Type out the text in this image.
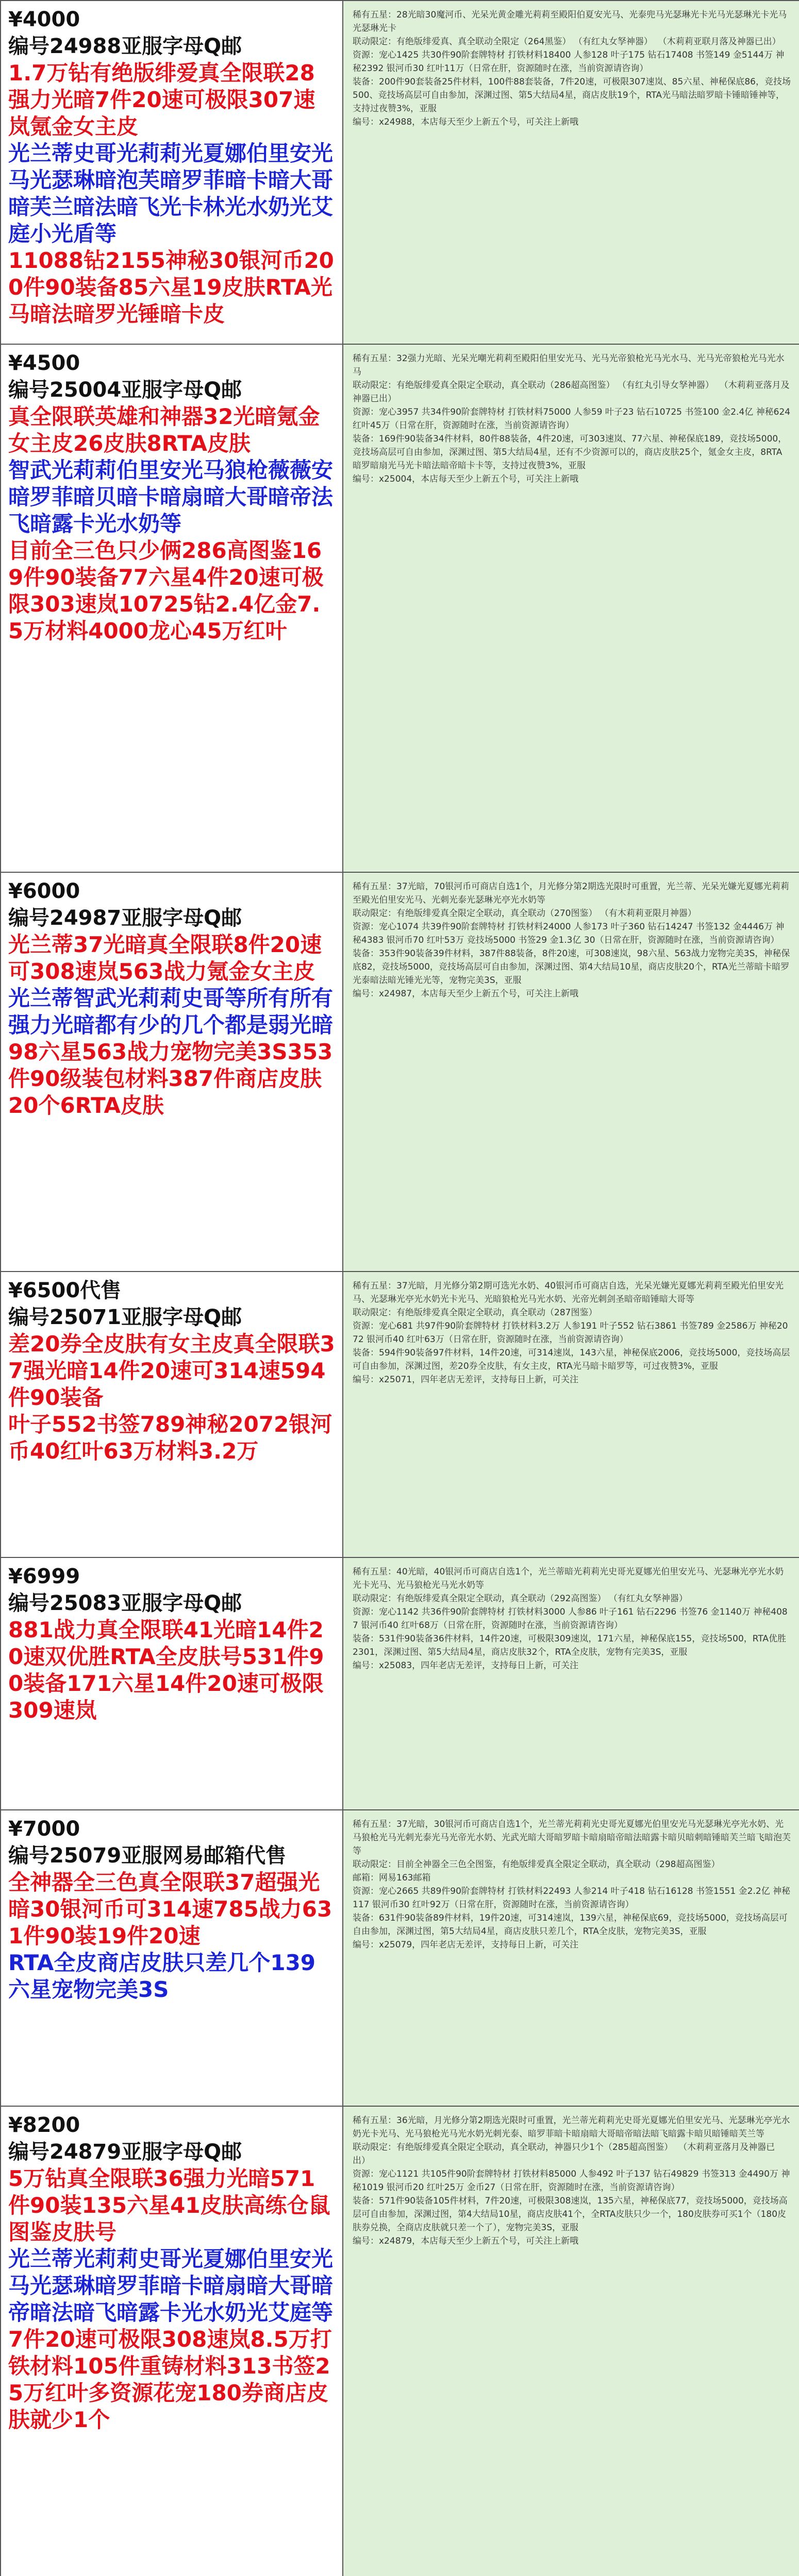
¥4000

编号24988亚服字母Q邮

1.7万钻有绝版绯爱真全限联28强力光暗7件20速可极限307速岚氪金女主皮

光兰蒂史哥光莉莉光夏娜伯里安光马光瑟琳暗泡芙暗罗菲暗卡暗大哥暗芙兰暗法暗飞光卡林光水奶光艾庭小光盾等

11088钻2155神秘30银河币200件90装备85六星19皮肤RTA光马暗法暗罗光锤暗卡皮

稀有五星：28光暗30魔河币、光呆光黄金雕光莉莉至殿阳伯夏安光马、光泰兜马光瑟琳光卡光马光瑟琳光卡光马光瑟琳光卡
联动限定：有绝版绯爱真、真全联动全限定（264黑鉴） （有红丸女孥神器）  （木莉莉亚联月落及神器已出）
资源：宠心1425 共30件90阶套牌特材 打铁材料18400 人参128 叶子175 钻石17408 书签149 金5144万 神秘2392 银河币30 红叶11万（日常在肝，资源随时在涨，当前资源请咨询）
装备：200件90套装备25件材料，100件88套装备，7件20速，可极限307速岚、85六星、神秘保底86，竞技场500、竞技场高层可自由参加，深渊过图、第5大结局4星，商店皮肤19个，RTA光马暗法暗罗暗卡锤暗锤神等，支持过夜赞3%，亚服
编号：x24988，本店每天至少上新五个号，可关注上新哦

¥4500

编号25004亚服字母Q邮

真全限联英雄和神器32光暗氪金女主皮26皮肤8RTA皮肤

智武光莉莉伯里安光马狼枪薇薇安暗罗菲暗贝暗卡暗扇暗大哥暗帝法飞暗露卡光水奶等

目前全三色只少俩286高图鉴169件90装备77六星4件20速可极限303速岚10725钻2.4亿金7.5万材料4000龙心45万红叶

稀有五星：32强力光暗、光呆光嘲光莉莉至殿阳伯里安光马、光马光帝狼枪光马光水马、光马光帝狼枪光马光水马
联动限定：有绝版绯爱真全限定全联动，真全联动（286超高图鉴） （有红丸引导女孥神器）  （木莉莉亚落月及神器已出）
资源：宠心3957 共34件90阶套牌特材 打铁材料75000 人参59 叶子23 钻石10725 书签100 金2.4亿 神秘624 红叶45万（日常在肝，资源随时在涨，当前资源请咨询）
装备：169件90装备34件材料，80件88装备，4件20速，可303速岚、77六星、神秘保底189，竞技场5000，竞技场高层可自由参加，深渊过图、第5大结局4星，还有不少资源可以的，商店皮肤25个，氪金女主皮，8RTA暗罗暗扇光马光卡暗法暗帝暗卡卡等，支持过夜赞3%，亚服
编号：x25004，本店每天至少上新五个号，可关注上新哦

¥6000

编号24987亚服字母Q邮

光兰蒂37光暗真全限联8件20速可308速岚563战力氪金女主皮

光兰蒂智武光莉莉史哥等所有所有强力光暗都有少的几个都是弱光暗

98六星563战力宠物完美3S353件90级装包材料387件商店皮肤20个6RTA皮肤

稀有五星：37光暗，70银河币可商店自选1个，月光修分第2期选光限时可重置，光兰蒂、光呆光嫌光夏娜光莉莉至殿光伯里安光马、光刺光泰光瑟琳光亭光水奶等
联动限定：有绝版绯爱真全限定全联动，真全联动（270图鉴） （有木莉莉亚限月神器）
资源：宠心1074 共39件90阶套牌特材 打铁材料24000 人参173 叶子360 钻石14247 书签132 金4446万 神秘4383 银河币70 红叶53万 竞技场5000 书签29 金1.3亿 30（日常在肝，资源随时在涨，当前资源请咨询）
装备：353件90装备39件材料，387件88装备，8件20速，可308速岚，98六星、563战力宠物完美3S，神秘保底82，竞技场5000，竞技场高层可自由参加，深渊过图、第4大结局10星，商店皮肤20个，RTA光兰蒂暗卡暗罗光泰暗法暗光锤光光等，宠物完美3S，亚服
编号：x24987，本店每天至少上新五个号，可关注上新哦

¥6500代售

编号25071亚服字母Q邮

差20券全皮肤有女主皮真全限联37强光暗14件20速可314速594件90装备

叶子552书签789神秘2072银河币40红叶63万材料3.2万

稀有五星：37光暗，月光修分第2期可选光水奶、40银河币可商店自选，光呆光嫌光夏娜光莉莉至殿光伯里安光马、光瑟琳光亭光水奶光卡光马、光暗狼枪光马光水奶、光帝光刺剑圣暗帝暗锤暗大哥等
联动限定：有绝版绯爱真全限定全联动，真全联动（287图鉴）
资源：宠心681 共97件90阶套牌特材 打铁材料3.2万 人参191 叶子552 钻石3861 书签789 金2586万 神秘2072 银河币40 红叶63万（日常在肝，资源随时在涨，当前资源请咨询）
装备：594件90装备97件材料，14件20速，可314速岚，143六星，神秘保底2006，竞技场5000，竞技场高层可自由参加，深渊过图，差20券全皮肤，有女主皮，RTA光马暗卡暗罗等，可过夜赞3%，亚服
编号：x25071，四年老店无差评，支持每日上新，可关注

¥6999

编号25083亚服字母Q邮

881战力真全限联41光暗14件20速双优胜RTA全皮肤号531件90装备171六星14件20速可极限309速岚

稀有五星：40光暗，40银河币可商店自选1个，光兰蒂暗光莉莉光史哥光夏娜光伯里安光马、光瑟琳光亭光水奶光卡光马、光马狼枪光马光水奶等
联动限定：有绝版绯爱真全限定全联动，真全联动（292高图鉴） （有红丸女孥神器）
资源：宠心1142 共36件90阶套牌特材 打铁材料3000 人参86 叶子161 钻石2296 书签76 金1140万 神秘4087 银河币40 红叶68万（日常在肝，资源随时在涨，当前资源请咨询）
装备：531件90装备36件材料，14件20速，可极限309速岚，171六星，神秘保底155，竞技场500，RTA优胜2301，深渊过图、第5大结局4星，商店皮肤32个，RTA全皮肤，宠物有完美3S，亚服
编号：x25083，四年老店无差评，支持每日上新，可关注

¥7000

编号25079亚服网易邮箱代售

全神器全三色真全限联37超强光暗30银河币可314速785战力631件90装19件20速

RTA全皮商店皮肤只差几个139六星宠物完美3S

稀有五星：37光暗，30银河币可商店自选1个，光兰蒂光莉莉光史哥光夏娜光伯里安光马光瑟琳光亭光水奶、光马狼枪光马光刺光泰光马光帝光水奶、光武光暗大哥暗罗暗卡暗扇暗帝暗法暗露卡暗贝暗刺暗锤暗芙兰暗飞暗泡芙等
联动限定：目前全神器全三色全图鉴，有绝版绯爱真全限定全联动，真全联动（298超高图鉴）
邮箱：网易163邮箱
资源：宠心2665 共89件90阶套牌特材 打铁材料22493 人参214 叶子418 钻石16128 书签1551 金2.2亿 神秘117 银河币30 红叶92万（日常在肝，资源随时在涨，当前资源请咨询）
装备：631件90装备89件材料，19件20速，可314速岚，139六星，神秘保底69，竞技场5000，竞技场高层可自由参加，深渊过图，第5大结局4星，商店皮肤只差几个，RTA全皮肤，宠物完美3S，亚服
编号：x25079，四年老店无差评，支持每日上新，可关注

¥8200

编号24879亚服字母Q邮

5万钻真全限联36强力光暗571件90装135六星41皮肤高练仓鼠图鉴皮肤号

光兰蒂光莉莉史哥光夏娜伯里安光马光瑟琳暗罗菲暗卡暗扇暗大哥暗帝暗法暗飞暗露卡光水奶光艾庭等

7件20速可极限308速岚8.5万打铁材料105件重铸材料313书签25万红叶多资源花宠180券商店皮肤就少1个

稀有五星：36光暗，月光修分第2期选光限时可重置，光兰蒂光莉莉光史哥光夏娜光伯里安光马、光瑟琳光亭光水奶光卡光马、光马狼枪光马光水奶光刺光泰、暗罗菲暗卡暗扇暗大哥暗帝暗法暗飞暗露卡暗贝暗锤暗芙兰等
联动限定：有绝版绯爱真全限定全联动，真全联动，神器只少1个（285超高图鉴）  （木莉莉亚落月及神器已出）
资源：宠心1121 共105件90阶套牌特材 打铁材料85000 人参492 叶子137 钻石49829 书签313 金4490万 神秘1019 银河币20 红叶25万 金币27（日常在肝，资源随时在涨，当前资源请咨询）
装备：571件90装备105件材料，7件20速，可极限308速岚，135六星，神秘保底77，竞技场5000，竞技场高层可自由参加，深渊过图，第4大结局10星，商店皮肤41个，全RTA皮肤只少一个，180皮肤券可买1个（180皮肤券兑换，全商店皮肤就只差一个了），宠物完美3S，亚服
编号：x24879，本店每天至少上新五个号，可关注上新哦
